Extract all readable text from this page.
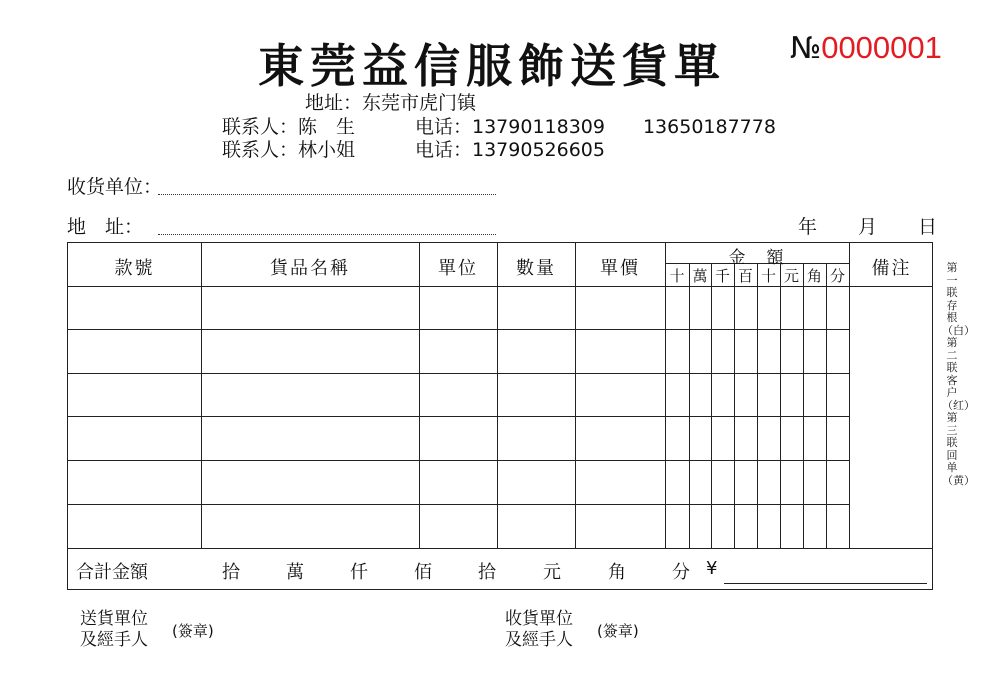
東莞益信服飾送貨單 №0000001
地址：东莞市虎门镇
联系人：陈　生	电话：13790118309　　13650187778
联系人：林小姐	电话：13790526605
收货单位：
地　址：	年 月 日
款號	貨品名稱	單位	數量	單價	金　額	備注
十 萬 千 百 十 元 角 分
合計金額	拾	萬	仟	佰	拾	元	角	分 ¥
第一联存根（白）第二联客户（红）第三联回单（黄）
送貨單位
及經手人 (簽章)
收貨單位
及經手人 (簽章)
